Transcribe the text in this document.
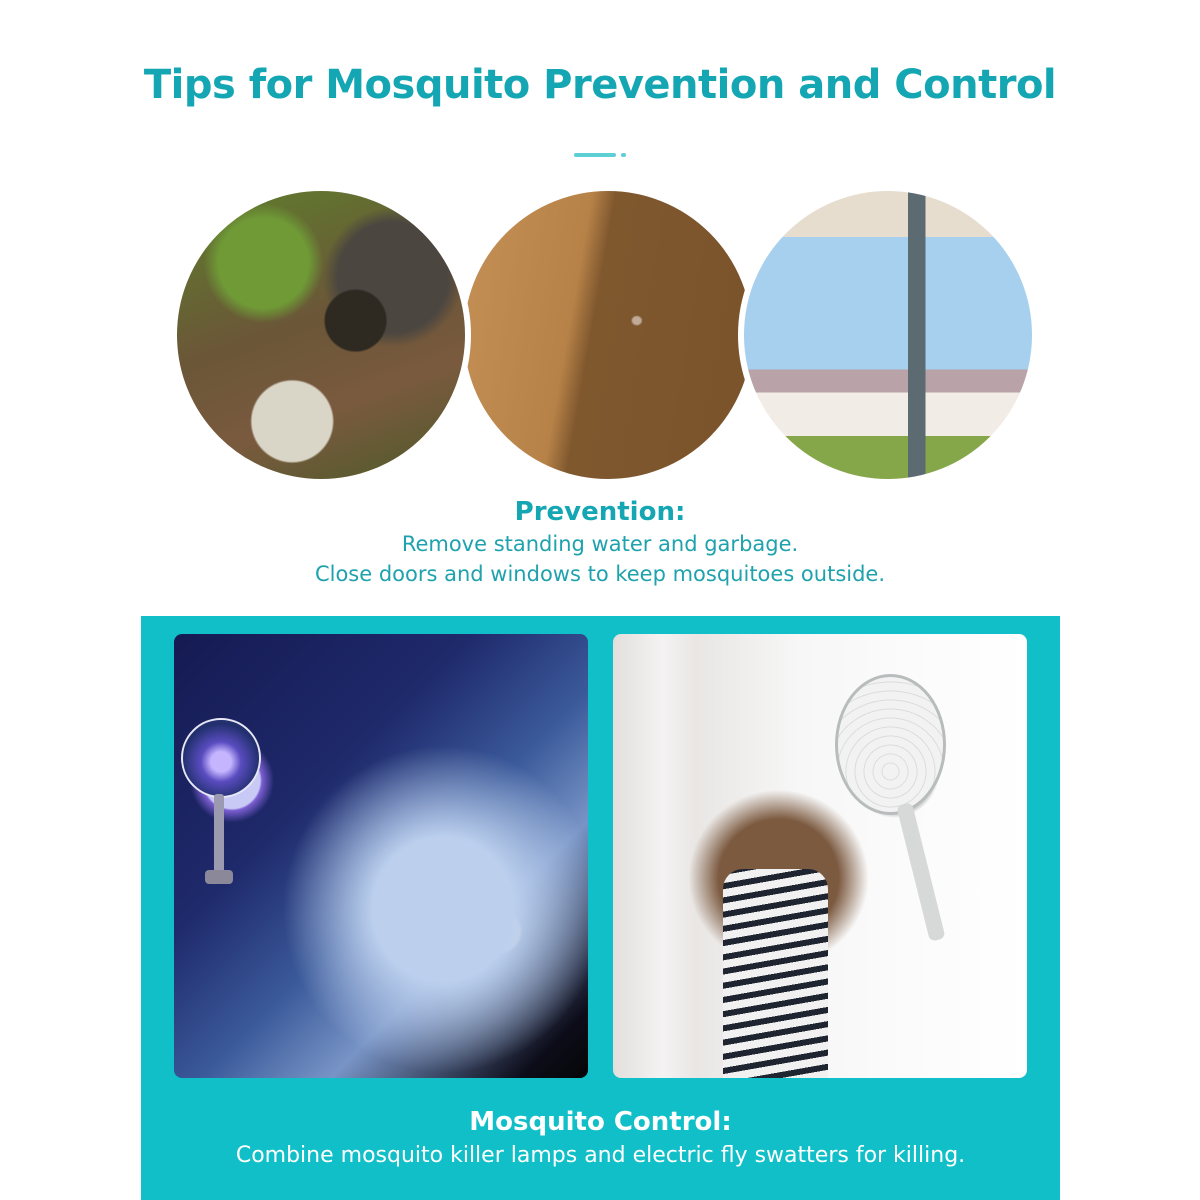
Tips for Mosquito Prevention and Control
Prevention:
Remove standing water and garbage.
Close doors and windows to keep mosquitoes outside.
Mosquito Control:
Combine mosquito killer lamps and electric fly swatters for killing.
